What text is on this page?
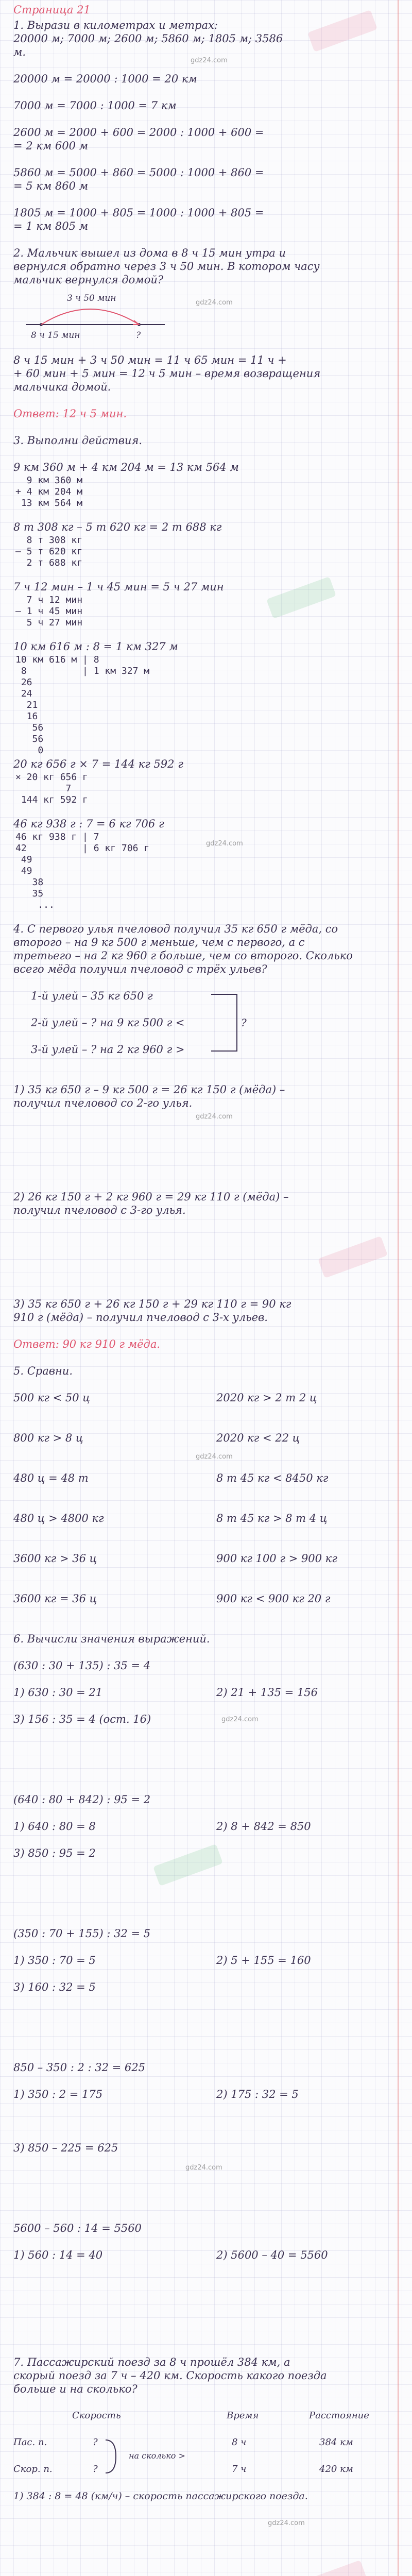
Страница 21
1. Вырази в километрах и метрах:
20000 м; 7000 м; 2600 м; 5860 м; 1805 м; 3586
м.
gdz24.com
20000 м = 20000 : 1000 = 20 км
7000 м = 7000 : 1000 = 7 км
2600 м = 2000 + 600 = 2000 : 1000 + 600 =
= 2 км 600 м
5860 м = 5000 + 860 = 5000 : 1000 + 860 =
= 5 км 860 м
1805 м = 1000 + 805 = 1000 : 1000 + 805 =
= 1 км 805 м
2. Мальчик вышел из дома в 8 ч 15 мин утра и
вернулся обратно через 3 ч 50 мин. В котором часу
мальчик вернулся домой?
gdz24.com
3 ч 50 мин
8 ч 15 мин	?
8 ч 15 мин + 3 ч 50 мин = 11 ч 65 мин = 11 ч +
+ 60 мин + 5 мин = 12 ч 5 мин – время возвращения
мальчика домой.
Ответ: 12 ч 5 мин.
3. Выполни действия.
9 км 360 м + 4 км 204 м = 13 км 564 м
9 км 360 м
+ 4 км 204 м
13 км 564 м
8 т 308 кг – 5 т 620 кг = 2 т 688 кг
8 т 308 кг
– 5 т 620 кг
2 т 688 кг
7 ч 12 мин – 1 ч 45 мин = 5 ч 27 мин
7 ч 12 мин
– 1 ч 45 мин
5 ч 27 мин
10 км 616 м : 8 = 1 км 327 м
10 км 616 м | 8
8          | 1 км 327 м
26
24
21
16
56
56
0
20 кг 656 г × 7 = 144 кг 592 г
× 20 кг 656 г
7
144 кг 592 г
46 кг 938 г : 7 = 6 кг 706 г
46 кг 938 г | 7
42          | 6 кг 706 г
49
49
38
35
...
gdz24.com
4. С первого улья пчеловод получил 35 кг 650 г мёда, со
второго – на 9 кг 500 г меньше, чем с первого, а с
третьего – на 2 кг 960 г больше, чем со второго. Сколько
всего мёда получил пчеловод с трёх ульев?
1-й улей – 35 кг 650 г
2-й улей – ? на 9 кг 500 г <
3-й улей – ? на 2 кг 960 г >
?
1) 35 кг 650 г – 9 кг 500 г = 26 кг 150 г (мёда) –
получил пчеловод со 2-го улья.
gdz24.com
2) 26 кг 150 г + 2 кг 960 г = 29 кг 110 г (мёда) –
получил пчеловод с 3-го улья.
3) 35 кг 650 г + 26 кг 150 г + 29 кг 110 г = 90 кг
910 г (мёда) – получил пчеловод с 3-х ульев.
Ответ: 90 кг 910 г мёда.
5. Сравни.
500 кг < 50 ц	2020 кг > 2 т 2 ц
800 кг > 8 ц	2020 кг < 22 ц
gdz24.com
480 ц = 48 т	8 т 45 кг < 8450 кг
480 ц > 4800 кг	8 т 45 кг > 8 т 4 ц
3600 кг > 36 ц	900 кг 100 г > 900 кг
3600 кг = 36 ц	900 кг < 900 кг 20 г
6. Вычисли значения выражений.
(630 : 30 + 135) : 35 = 4
1) 630 : 30 = 21	2) 21 + 135 = 156
3) 156 : 35 = 4 (ост. 16)	gdz24.com
(640 : 80 + 842) : 95 = 2
1) 640 : 80 = 8	2) 8 + 842 = 850
3) 850 : 95 = 2
(350 : 70 + 155) : 32 = 5
1) 350 : 70 = 5	2) 5 + 155 = 160
3) 160 : 32 = 5
850 – 350 : 2 : 32 = 625
1) 350 : 2 = 175	2) 175 : 32 = 5
3) 850 – 225 = 625
gdz24.com
5600 – 560 : 14 = 5560
1) 560 : 14 = 40	2) 5600 – 40 = 5560
7. Пассажирский поезд за 8 ч прошёл 384 км, а
скорый поезд за 7 ч – 420 км. Скорость какого поезда
больше и на сколько?
Скорость	Время	Расстояние
Пас. п.	?	8 ч	384 км
на сколько >
Скор. п.	?	7 ч	420 км
1) 384 : 8 = 48 (км/ч) – скорость пассажирского поезда.
gdz24.com
